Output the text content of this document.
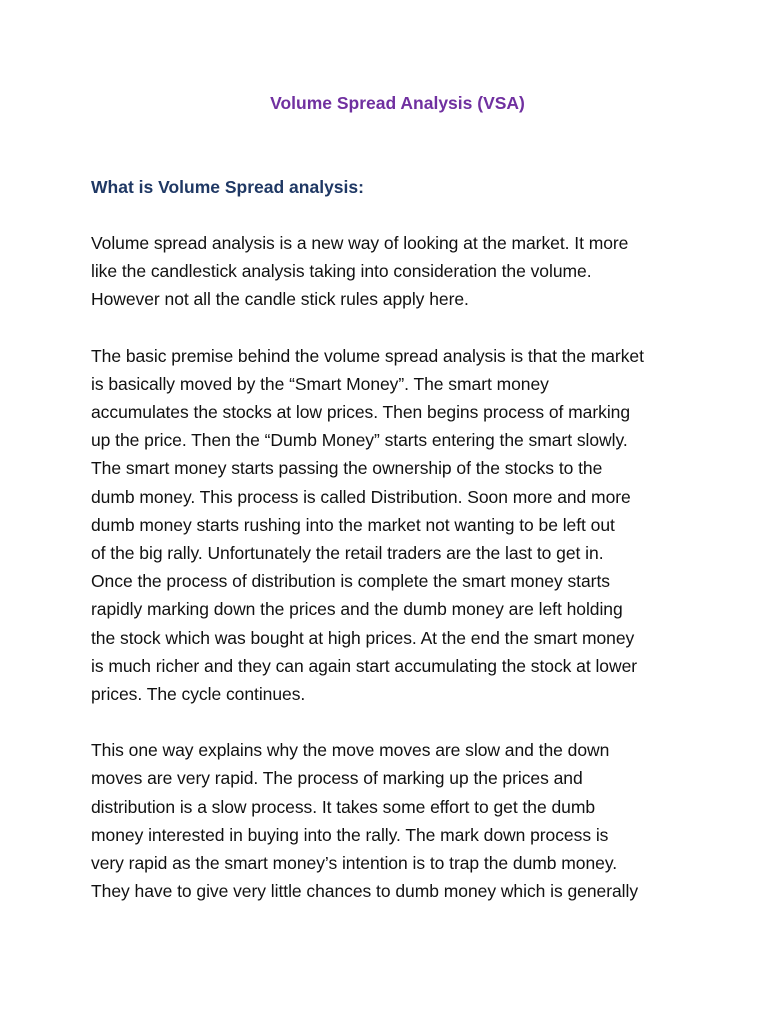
Volume Spread Analysis (VSA)
What is Volume Spread analysis:

Volume spread analysis is a new way of looking at the market. It more
like the candlestick analysis taking into consideration the volume.
However not all the candle stick rules apply here.

The basic premise behind the volume spread analysis is that the market
is basically moved by the “Smart Money”. The smart money
accumulates the stocks at low prices. Then begins process of marking
up the price. Then the “Dumb Money” starts entering the smart slowly.
The smart money starts passing the ownership of the stocks to the
dumb money. This process is called Distribution. Soon more and more
dumb money starts rushing into the market not wanting to be left out
of the big rally. Unfortunately the retail traders are the last to get in.
Once the process of distribution is complete the smart money starts
rapidly marking down the prices and the dumb money are left holding
the stock which was bought at high prices. At the end the smart money
is much richer and they can again start accumulating the stock at lower
prices. The cycle continues.

This one way explains why the move moves are slow and the down
moves are very rapid. The process of marking up the prices and
distribution is a slow process. It takes some effort to get the dumb
money interested in buying into the rally. The mark down process is
very rapid as the smart money’s intention is to trap the dumb money.
They have to give very little chances to dumb money which is generally
